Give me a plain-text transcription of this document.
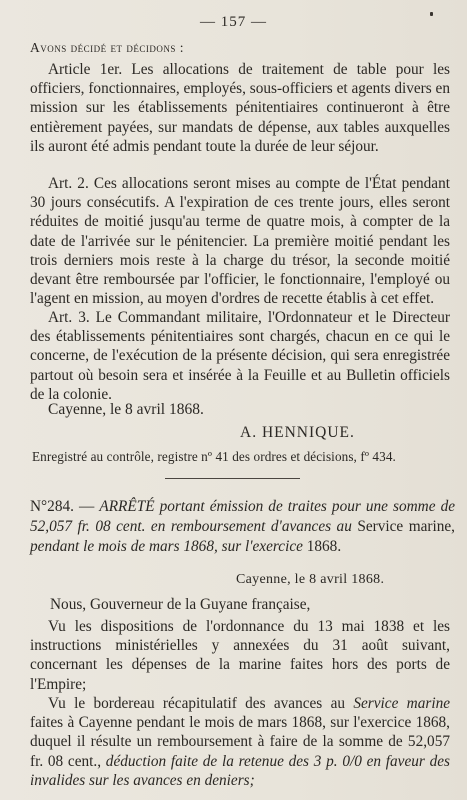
— 157 —

Avons décidé et décidons :

Article 1er. Les allocations de traitement de table pour les officiers, fonctionnaires, employés, sous-officiers et agents divers en mission sur les établissements pénitentiaires continueront à être entièrement payées, sur mandats de dépense, aux tables auxquelles ils auront été admis pendant toute la durée de leur séjour.

Art. 2. Ces allocations seront mises au compte de l'État pendant 30 jours consécutifs. A l'expiration de ces trente jours, elles seront réduites de moitié jusqu'au terme de quatre mois, à compter de la date de l'arrivée sur le pénitencier. La première moitié pendant les trois derniers mois reste à la charge du trésor, la seconde moitié devant être remboursée par l'officier, le fonctionnaire, l'employé ou l'agent en mission, au moyen d'ordres de recette établis à cet effet.

Art. 3. Le Commandant militaire, l'Ordonnateur et le Directeur des établissements pénitentiaires sont chargés, chacun en ce qui le concerne, de l'exécution de la présente décision, qui sera enregistrée partout où besoin sera et insérée à la Feuille et au Bulletin officiels de la colonie.

Cayenne, le 8 avril 1868.

A. HENNIQUE.

Enregistré au contrôle, registre nº 41 des ordres et décisions, fº 434.

N°284. — ARRÊTÉ portant émission de traites pour une somme de 52,057 fr. 08 cent. en remboursement d'avances au Service marine, pendant le mois de mars 1868, sur l'exercice 1868.

Cayenne, le 8 avril 1868.

Nous, Gouverneur de la Guyane française,

Vu les dispositions de l'ordonnance du 13 mai 1838 et les instructions ministérielles y annexées du 31 août suivant, concernant les dépenses de la marine faites hors des ports de l'Empire;

Vu le bordereau récapitulatif des avances au Service marine faites à Cayenne pendant le mois de mars 1868, sur l'exercice 1868, duquel il résulte un remboursement à faire de la somme de 52,057 fr. 08 cent., déduction faite de la retenue des 3 p. 0/0 en faveur des invalides sur les avances en deniers;
